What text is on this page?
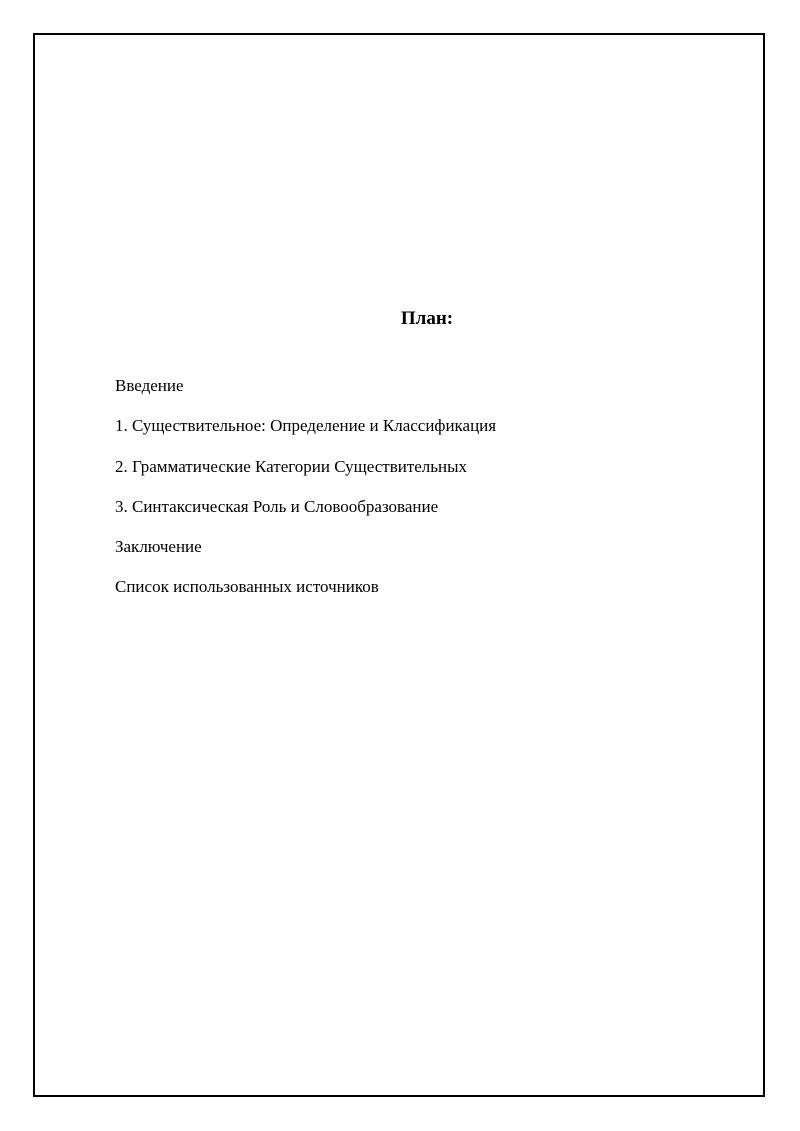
План:
Введение
1. Существительное: Определение и Классификация
2. Грамматические Категории Существительных
3. Синтаксическая Роль и Словообразование
Заключение
Список использованных источников
